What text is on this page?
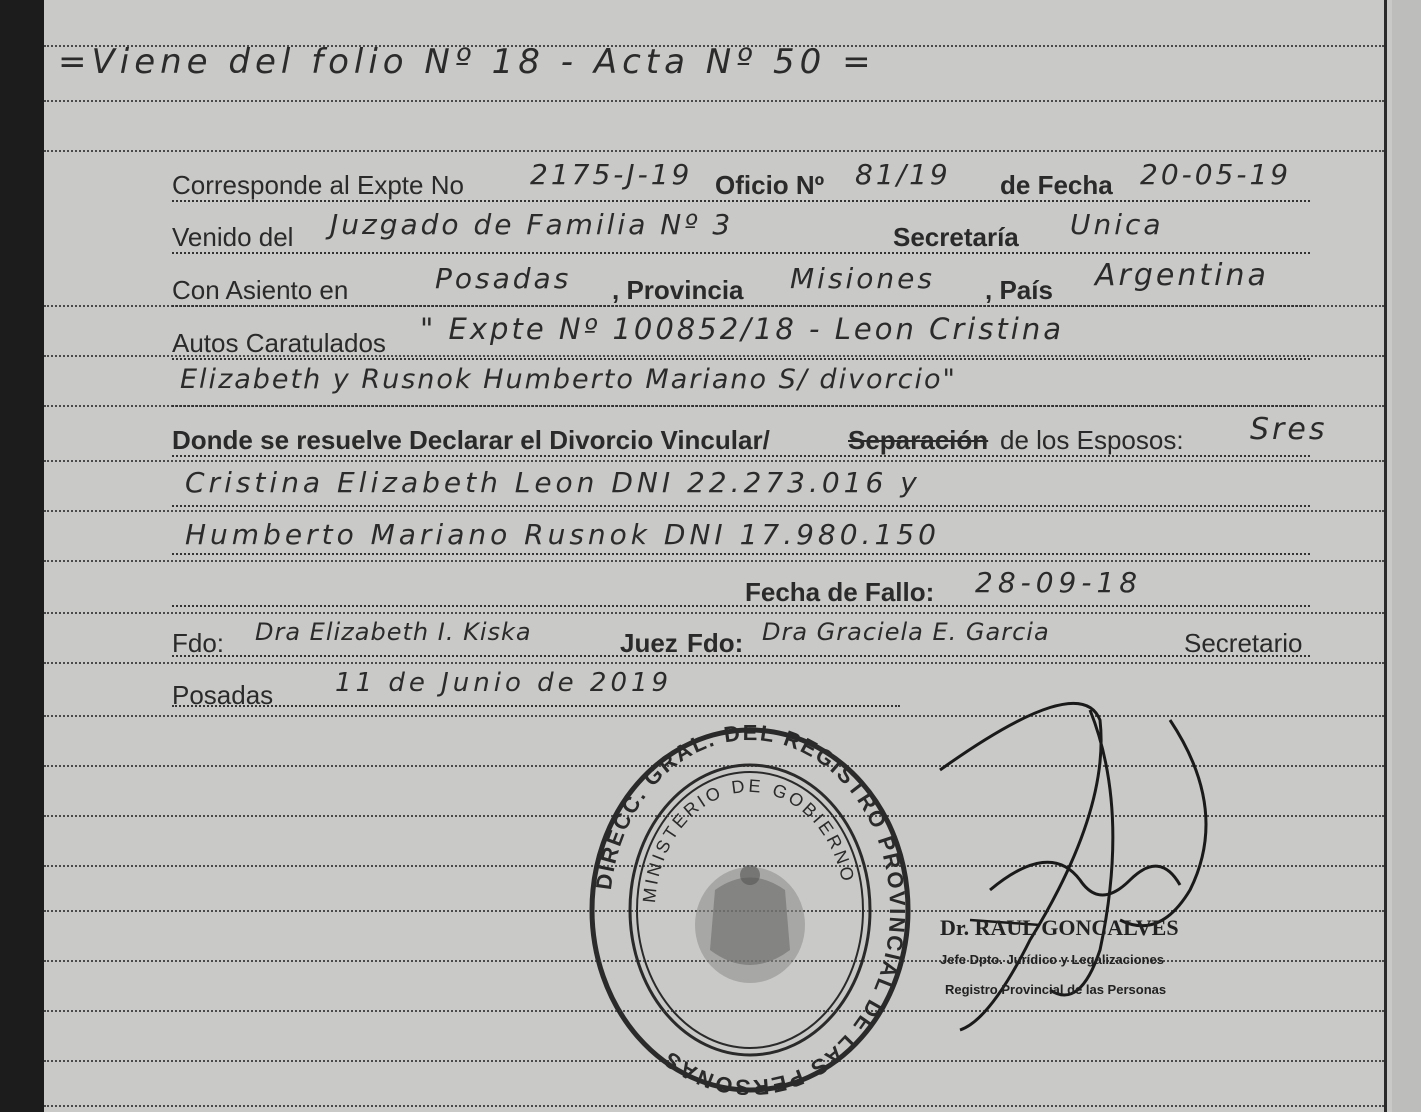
=Viene del folio Nº 18 - Acta Nº 50 =
Corresponde al Expte No 2175-J-19 Oficio Nº 81/19 de Fecha 20-05-19
Venido del Juzgado de Familia Nº 3	Secretaría Unica
Con Asiento en	Posadas , Provincia Misiones , País Argentina
Autos Caratulados " Expte Nº 100852/18 - Leon Cristina
Elizabeth y Rusnok Humberto Mariano S/ divorcio"
Donde se resuelve Declarar el Divorcio Vincular/	Separación de los Esposos: Sres
Cristina Elizabeth Leon DNI 22.273.016 y
Humberto Mariano Rusnok DNI 17.980.150
Fecha de Fallo: 28-09-18
Fdo: Dra Elizabeth I. Kiska	Juez Fdo: Dra Graciela E. Garcia	Secretario
Posadas 11 de Junio de 2019
DIRECC. GRAL. DEL REGISTRO PROVINCIAL DE LAS PERSONAS
MINISTERIO DE GOBIERNO
Dr. RAUL GONCALVES
Jefe Dpto. Jurídico y Legalizaciones
Registro Provincial de las Personas
